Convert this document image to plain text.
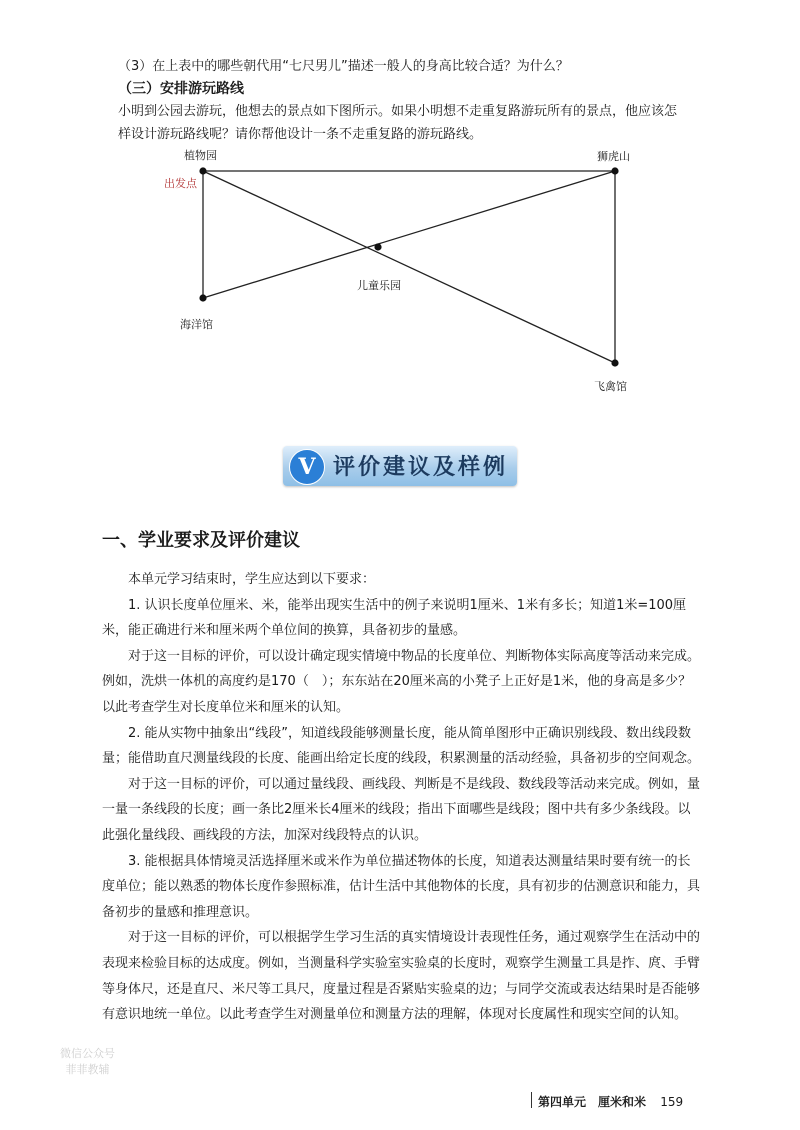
（3）在上表中的哪些朝代用“七尺男儿”描述一般人的身高比较合适？为什么？
（三）安排游玩路线
小明到公园去游玩，他想去的景点如下图所示。如果小明想不走重复路游玩所有的景点，他应该怎样设计游玩路线呢？请你帮他设计一条不走重复路的游玩路线。
植物园
出发点
狮虎山
儿童乐园
海洋馆
飞禽馆
V 评价建议及样例
一、学业要求及评价建议

本单元学习结束时，学生应达到以下要求：

1. 认识长度单位厘米、米，能举出现实生活中的例子来说明1厘米、1米有多长；知道1米=100厘米，能正确进行米和厘米两个单位间的换算，具备初步的量感。

对于这一目标的评价，可以设计确定现实情境中物品的长度单位、判断物体实际高度等活动来完成。例如，洗烘一体机的高度约是170（　）；东东站在20厘米高的小凳子上正好是1米，他的身高是多少？以此考查学生对长度单位米和厘米的认知。

2. 能从实物中抽象出“线段”，知道线段能够测量长度，能从简单图形中正确识别线段、数出线段数量；能借助直尺测量线段的长度、能画出给定长度的线段，积累测量的活动经验，具备初步的空间观念。

对于这一目标的评价，可以通过量线段、画线段、判断是不是线段、数线段等活动来完成。例如，量一量一条线段的长度；画一条比2厘米长4厘米的线段；指出下面哪些是线段；图中共有多少条线段。以此强化量线段、画线段的方法，加深对线段特点的认识。

3. 能根据具体情境灵活选择厘米或米作为单位描述物体的长度，知道表达测量结果时要有统一的长度单位；能以熟悉的物体长度作参照标准，估计生活中其他物体的长度，具有初步的估测意识和能力，具备初步的量感和推理意识。

对于这一目标的评价，可以根据学生学习生活的真实情境设计表现性任务，通过观察学生在活动中的表现来检验目标的达成度。例如，当测量科学实验室实验桌的长度时，观察学生测量工具是拃、庹、手臂等身体尺，还是直尺、米尺等工具尺，度量过程是否紧贴实验桌的边；与同学交流或表达结果时是否能够有意识地统一单位。以此考查学生对测量单位和测量方法的理解，体现对长度属性和现实空间的认知。

微信公众号
菲菲教辅
第四单元　厘米和米 159
